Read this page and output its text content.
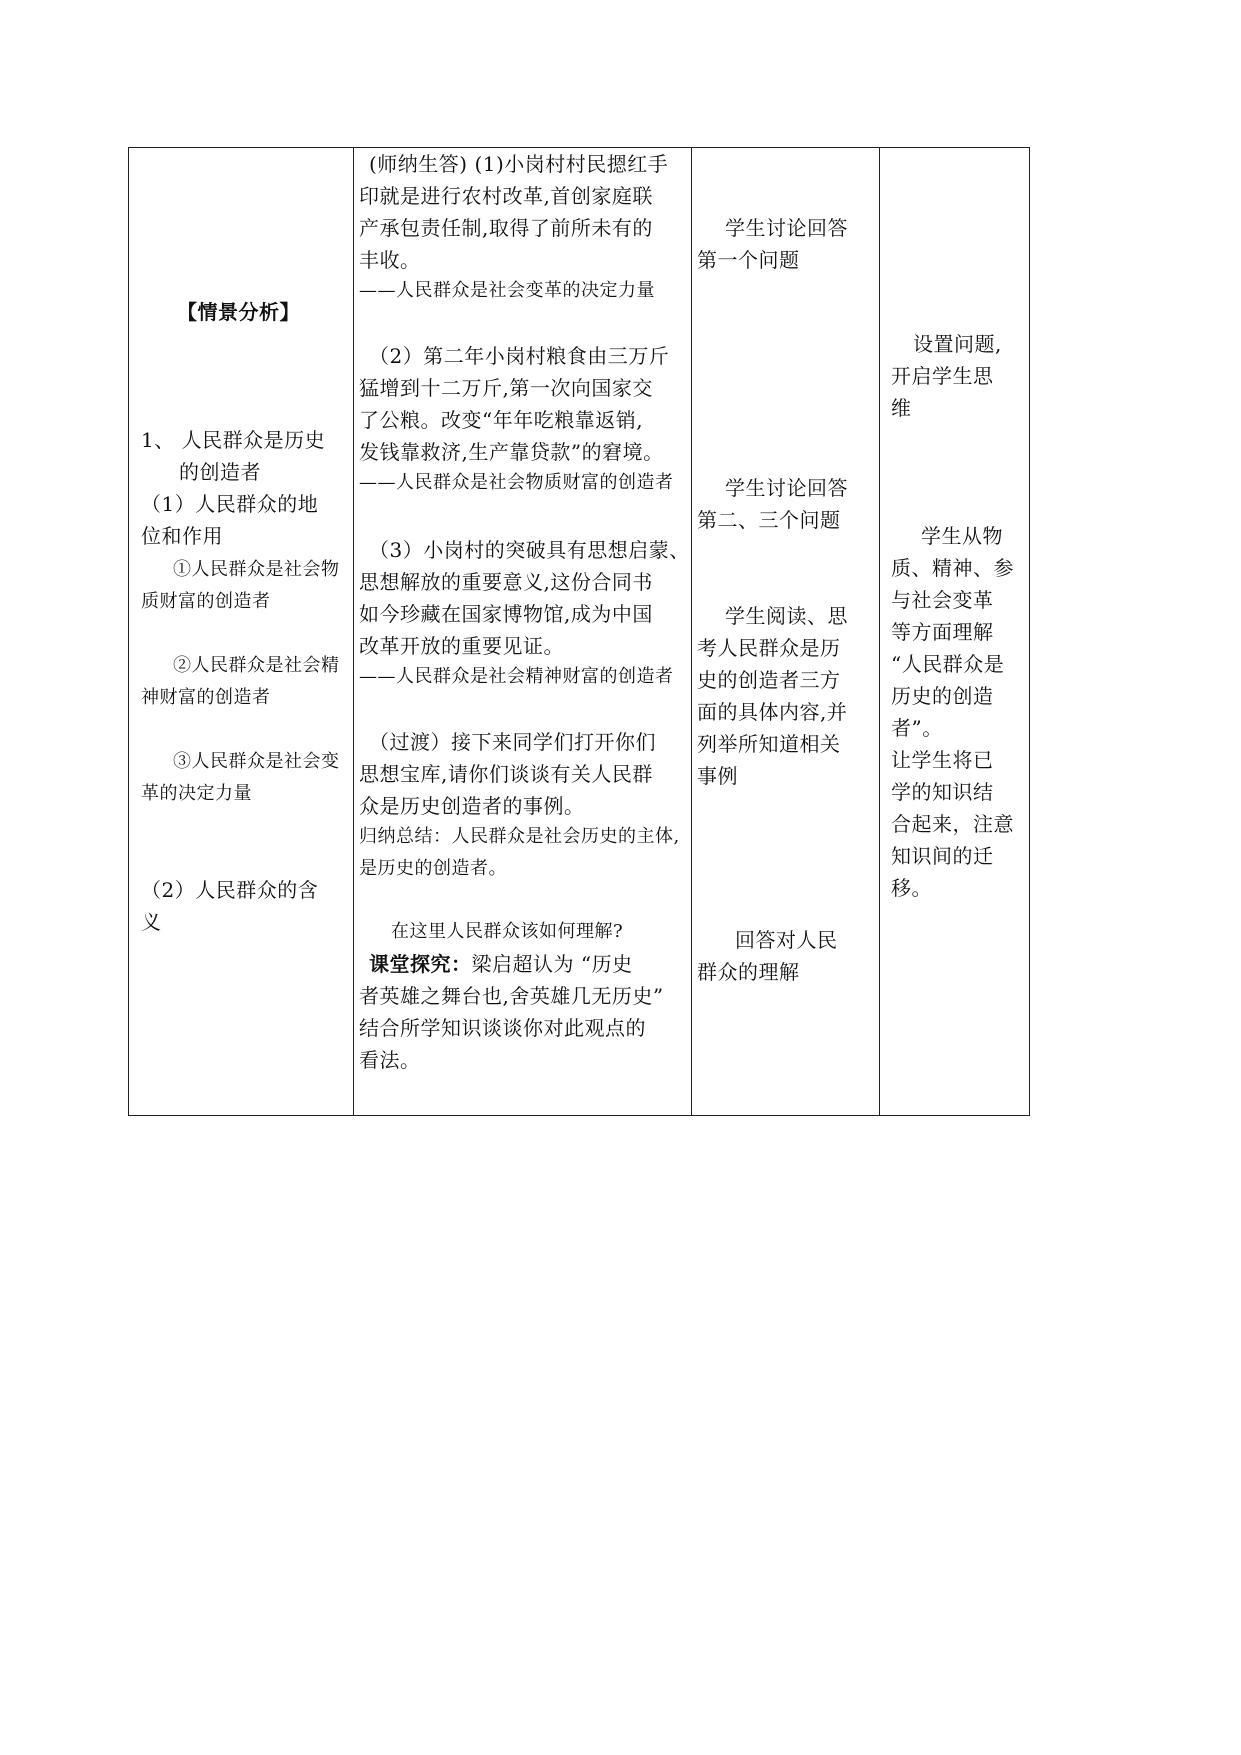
【情景分析】
1、 人民群众是历史
的创造者
（1）人民群众的地
位和作用
①人民群众是社会物
质财富的创造者
②人民群众是社会精
神财富的创造者
③人民群众是社会变
革的决定力量
（2）人民群众的含
义
(师纳生答) (1)小岗村村民摁红手
印就是进行农村改革,首创家庭联
产承包责任制,取得了前所未有的
丰收。
——人民群众是社会变革的决定力量
（2）第二年小岗村粮食由三万斤
猛增到十二万斤,第一次向国家交
了公粮。改变“年年吃粮靠返销,
发钱靠救济,生产靠贷款”的窘境。
——人民群众是社会物质财富的创造者
（3）小岗村的突破具有思想启蒙、
思想解放的重要意义,这份合同书
如今珍藏在国家博物馆,成为中国
改革开放的重要见证。
——人民群众是社会精神财富的创造者
（过渡）接下来同学们打开你们
思想宝库,请你们谈谈有关人民群
众是历史创造者的事例。
归纳总结：人民群众是社会历史的主体,
是历史的创造者。
在这里人民群众该如何理解?
课堂探究：梁启超认为 “历史
者英雄之舞台也,舍英雄几无历史”
结合所学知识谈谈你对此观点的
看法。
学生讨论回答
第一个问题
学生讨论回答
第二、三个问题
学生阅读、思
考人民群众是历
史的创造者三方
面的具体内容,并
列举所知道相关
事例
回答对人民
群众的理解
设置问题,
开启学生思
维
学生从物
质、精神、参
与社会变革
等方面理解
“人民群众是
历史的创造
者”。
让学生将已
学的知识结
合起来，注意
知识间的迁
移。
